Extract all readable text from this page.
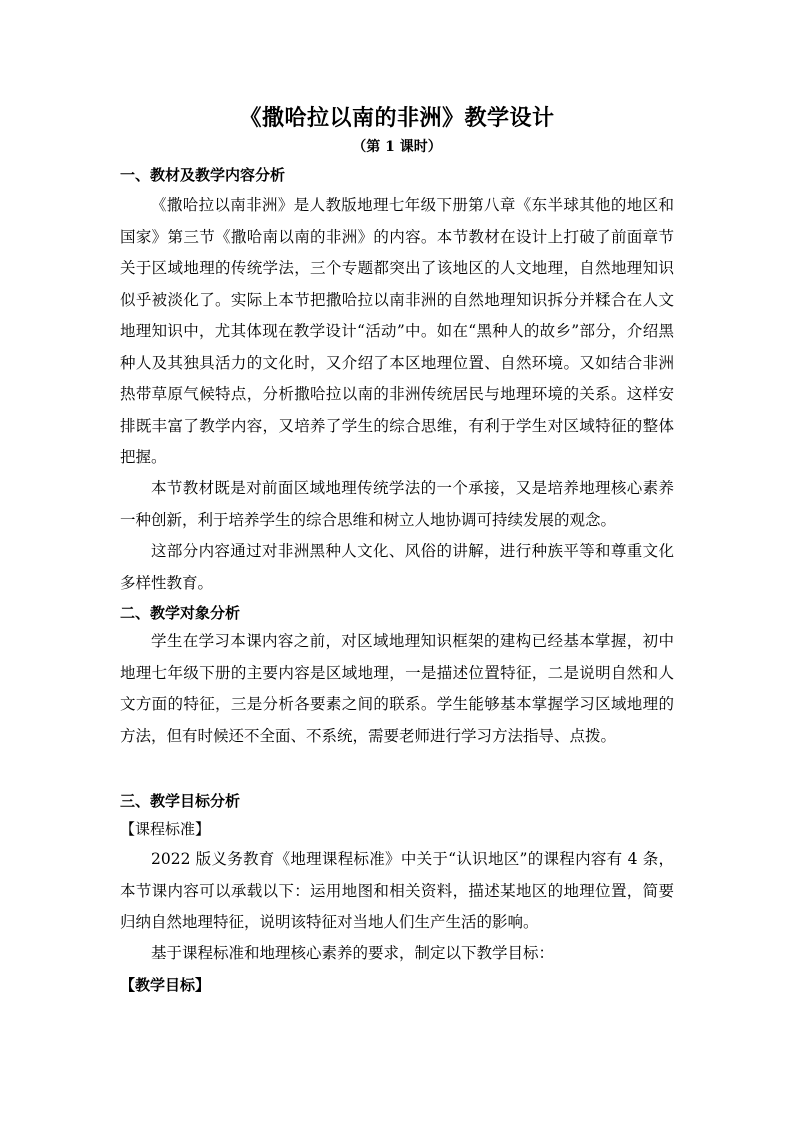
《撒哈拉以南的非洲》教学设计
（第 1 课时）
一、教材及教学内容分析

《撒哈拉以南非洲》是人教版地理七年级下册第八章《东半球其他的地区和国家》第三节《撒哈南以南的非洲》的内容。本节教材在设计上打破了前面章节关于区域地理的传统学法，三个专题都突出了该地区的人文地理，自然地理知识似乎被淡化了。实际上本节把撒哈拉以南非洲的自然地理知识拆分并糅合在人文地理知识中，尤其体现在教学设计“活动”中。如在“黑种人的故乡”部分，介绍黑种人及其独具活力的文化时，又介绍了本区地理位置、自然环境。又如结合非洲热带草原气候特点，分析撒哈拉以南的非洲传统居民与地理环境的关系。这样安排既丰富了教学内容，又培养了学生的综合思维，有利于学生对区域特征的整体把握。

本节教材既是对前面区域地理传统学法的一个承接，又是培养地理核心素养一种创新，利于培养学生的综合思维和树立人地协调可持续发展的观念。

这部分内容通过对非洲黑种人文化、风俗的讲解，进行种族平等和尊重文化多样性教育。

二、教学对象分析

学生在学习本课内容之前，对区域地理知识框架的建构已经基本掌握，初中地理七年级下册的主要内容是区域地理，一是描述位置特征，二是说明自然和人文方面的特征，三是分析各要素之间的联系。学生能够基本掌握学习区域地理的方法，但有时候还不全面、不系统，需要老师进行学习方法指导、点拨。

三、教学目标分析
【课程标准】

2022 版义务教育《地理课程标准》中关于“认识地区”的课程内容有 4 条，本节课内容可以承载以下：运用地图和相关资料，描述某地区的地理位置，简要归纳自然地理特征，说明该特征对当地人们生产生活的影响。

基于课程标准和地理核心素养的要求，制定以下教学目标：

【教学目标】
